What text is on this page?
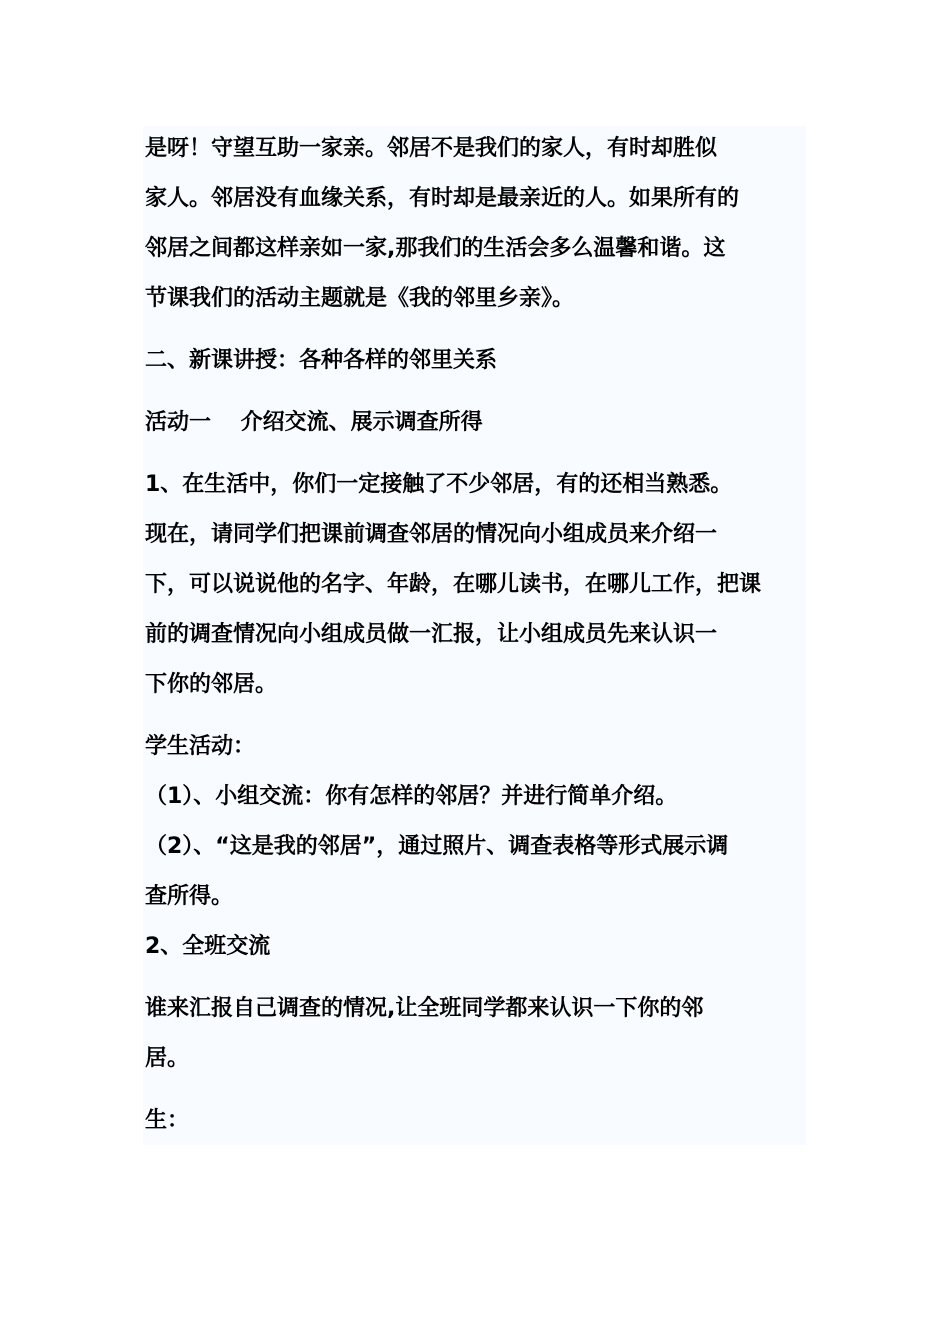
是呀！守望互助一家亲。邻居不是我们的家人，有时却胜似
家人。邻居没有血缘关系，有时却是最亲近的人。如果所有的
邻居之间都这样亲如一家,那我们的生活会多么温馨和谐。这
节课我们的活动主题就是《我的邻里乡亲》。
二、新课讲授：各种各样的邻里关系
活动一 　介绍交流、展示调查所得
1、在生活中，你们一定接触了不少邻居，有的还相当熟悉。
现在，请同学们把课前调查邻居的情况向小组成员来介绍一
下，可以说说他的名字、年龄，在哪儿读书，在哪儿工作，把课
前的调查情况向小组成员做一汇报，让小组成员先来认识一
下你的邻居。
学生活动：
（1）、小组交流：你有怎样的邻居？并进行简单介绍。
（2）、“这是我的邻居”，通过照片、调查表格等形式展示调
查所得。
2、全班交流
谁来汇报自己调查的情况,让全班同学都来认识一下你的邻
居。
生：
